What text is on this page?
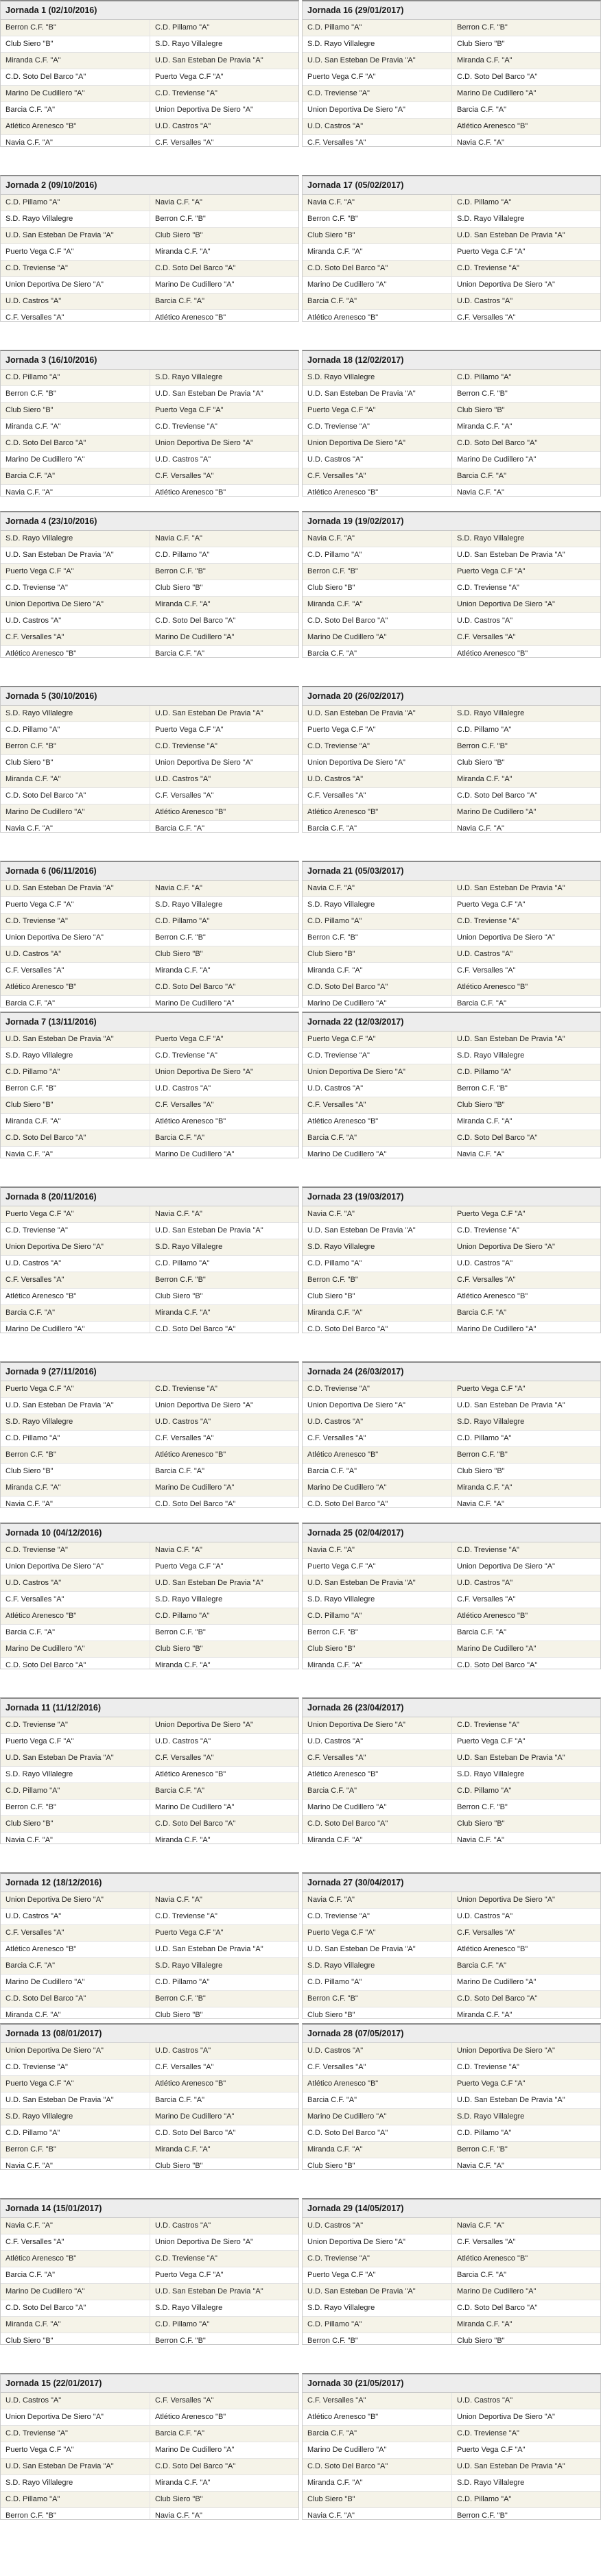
Jornada 1 (02/10/2016)
Berron C.F. "B"	C.D. Pillamo "A"
Club Siero "B"	S.D. Rayo Villalegre
Miranda C.F. "A"	U.D. San Esteban De Pravia "A"
C.D. Soto Del Barco "A"	Puerto Vega C.F "A"
Marino De Cudillero "A"	C.D. Treviense "A"
Barcia C.F. "A"	Union Deportiva De Siero "A"
Atlético Arenesco "B"	U.D. Castros "A"
Navia C.F. "A"	C.F. Versalles "A"
Jornada 2 (09/10/2016)
C.D. Pillamo "A"	Navia C.F. "A"
S.D. Rayo Villalegre	Berron C.F. "B"
U.D. San Esteban De Pravia "A"	Club Siero "B"
Puerto Vega C.F "A"	Miranda C.F. "A"
C.D. Treviense "A"	C.D. Soto Del Barco "A"
Union Deportiva De Siero "A"	Marino De Cudillero "A"
U.D. Castros "A"	Barcia C.F. "A"
C.F. Versalles "A"	Atlético Arenesco "B"
Jornada 3 (16/10/2016)
C.D. Pillamo "A"	S.D. Rayo Villalegre
Berron C.F. "B"	U.D. San Esteban De Pravia "A"
Club Siero "B"	Puerto Vega C.F "A"
Miranda C.F. "A"	C.D. Treviense "A"
C.D. Soto Del Barco "A"	Union Deportiva De Siero "A"
Marino De Cudillero "A"	U.D. Castros "A"
Barcia C.F. "A"	C.F. Versalles "A"
Navia C.F. "A"	Atlético Arenesco "B"
Jornada 4 (23/10/2016)
S.D. Rayo Villalegre	Navia C.F. "A"
U.D. San Esteban De Pravia "A"	C.D. Pillamo "A"
Puerto Vega C.F "A"	Berron C.F. "B"
C.D. Treviense "A"	Club Siero "B"
Union Deportiva De Siero "A"	Miranda C.F. "A"
U.D. Castros "A"	C.D. Soto Del Barco "A"
C.F. Versalles "A"	Marino De Cudillero "A"
Atlético Arenesco "B"	Barcia C.F. "A"
Jornada 5 (30/10/2016)
S.D. Rayo Villalegre	U.D. San Esteban De Pravia "A"
C.D. Pillamo "A"	Puerto Vega C.F "A"
Berron C.F. "B"	C.D. Treviense "A"
Club Siero "B"	Union Deportiva De Siero "A"
Miranda C.F. "A"	U.D. Castros "A"
C.D. Soto Del Barco "A"	C.F. Versalles "A"
Marino De Cudillero "A"	Atlético Arenesco "B"
Navia C.F. "A"	Barcia C.F. "A"
Jornada 6 (06/11/2016)
U.D. San Esteban De Pravia "A"	Navia C.F. "A"
Puerto Vega C.F "A"	S.D. Rayo Villalegre
C.D. Treviense "A"	C.D. Pillamo "A"
Union Deportiva De Siero "A"	Berron C.F. "B"
U.D. Castros "A"	Club Siero "B"
C.F. Versalles "A"	Miranda C.F. "A"
Atlético Arenesco "B"	C.D. Soto Del Barco "A"
Barcia C.F. "A"	Marino De Cudillero "A"
Jornada 7 (13/11/2016)
U.D. San Esteban De Pravia "A"	Puerto Vega C.F "A"
S.D. Rayo Villalegre	C.D. Treviense "A"
C.D. Pillamo "A"	Union Deportiva De Siero "A"
Berron C.F. "B"	U.D. Castros "A"
Club Siero "B"	C.F. Versalles "A"
Miranda C.F. "A"	Atlético Arenesco "B"
C.D. Soto Del Barco "A"	Barcia C.F. "A"
Navia C.F. "A"	Marino De Cudillero "A"
Jornada 8 (20/11/2016)
Puerto Vega C.F "A"	Navia C.F. "A"
C.D. Treviense "A"	U.D. San Esteban De Pravia "A"
Union Deportiva De Siero "A"	S.D. Rayo Villalegre
U.D. Castros "A"	C.D. Pillamo "A"
C.F. Versalles "A"	Berron C.F. "B"
Atlético Arenesco "B"	Club Siero "B"
Barcia C.F. "A"	Miranda C.F. "A"
Marino De Cudillero "A"	C.D. Soto Del Barco "A"
Jornada 9 (27/11/2016)
Puerto Vega C.F "A"	C.D. Treviense "A"
U.D. San Esteban De Pravia "A"	Union Deportiva De Siero "A"
S.D. Rayo Villalegre	U.D. Castros "A"
C.D. Pillamo "A"	C.F. Versalles "A"
Berron C.F. "B"	Atlético Arenesco "B"
Club Siero "B"	Barcia C.F. "A"
Miranda C.F. "A"	Marino De Cudillero "A"
Navia C.F. "A"	C.D. Soto Del Barco "A"
Jornada 10 (04/12/2016)
C.D. Treviense "A"	Navia C.F. "A"
Union Deportiva De Siero "A"	Puerto Vega C.F "A"
U.D. Castros "A"	U.D. San Esteban De Pravia "A"
C.F. Versalles "A"	S.D. Rayo Villalegre
Atlético Arenesco "B"	C.D. Pillamo "A"
Barcia C.F. "A"	Berron C.F. "B"
Marino De Cudillero "A"	Club Siero "B"
C.D. Soto Del Barco "A"	Miranda C.F. "A"
Jornada 11 (11/12/2016)
C.D. Treviense "A"	Union Deportiva De Siero "A"
Puerto Vega C.F "A"	U.D. Castros "A"
U.D. San Esteban De Pravia "A"	C.F. Versalles "A"
S.D. Rayo Villalegre	Atlético Arenesco "B"
C.D. Pillamo "A"	Barcia C.F. "A"
Berron C.F. "B"	Marino De Cudillero "A"
Club Siero "B"	C.D. Soto Del Barco "A"
Navia C.F. "A"	Miranda C.F. "A"
Jornada 12 (18/12/2016)
Union Deportiva De Siero "A"	Navia C.F. "A"
U.D. Castros "A"	C.D. Treviense "A"
C.F. Versalles "A"	Puerto Vega C.F "A"
Atlético Arenesco "B"	U.D. San Esteban De Pravia "A"
Barcia C.F. "A"	S.D. Rayo Villalegre
Marino De Cudillero "A"	C.D. Pillamo "A"
C.D. Soto Del Barco "A"	Berron C.F. "B"
Miranda C.F. "A"	Club Siero "B"
Jornada 13 (08/01/2017)
Union Deportiva De Siero "A"	U.D. Castros "A"
C.D. Treviense "A"	C.F. Versalles "A"
Puerto Vega C.F "A"	Atlético Arenesco "B"
U.D. San Esteban De Pravia "A"	Barcia C.F. "A"
S.D. Rayo Villalegre	Marino De Cudillero "A"
C.D. Pillamo "A"	C.D. Soto Del Barco "A"
Berron C.F. "B"	Miranda C.F. "A"
Navia C.F. "A"	Club Siero "B"
Jornada 14 (15/01/2017)
Navia C.F. "A"	U.D. Castros "A"
C.F. Versalles "A"	Union Deportiva De Siero "A"
Atlético Arenesco "B"	C.D. Treviense "A"
Barcia C.F. "A"	Puerto Vega C.F "A"
Marino De Cudillero "A"	U.D. San Esteban De Pravia "A"
C.D. Soto Del Barco "A"	S.D. Rayo Villalegre
Miranda C.F. "A"	C.D. Pillamo "A"
Club Siero "B"	Berron C.F. "B"
Jornada 15 (22/01/2017)
U.D. Castros "A"	C.F. Versalles "A"
Union Deportiva De Siero "A"	Atlético Arenesco "B"
C.D. Treviense "A"	Barcia C.F. "A"
Puerto Vega C.F "A"	Marino De Cudillero "A"
U.D. San Esteban De Pravia "A"	C.D. Soto Del Barco "A"
S.D. Rayo Villalegre	Miranda C.F. "A"
C.D. Pillamo "A"	Club Siero "B"
Berron C.F. "B"	Navia C.F. "A"
Jornada 16 (29/01/2017)
C.D. Pillamo "A"	Berron C.F. "B"
S.D. Rayo Villalegre	Club Siero "B"
U.D. San Esteban De Pravia "A"	Miranda C.F. "A"
Puerto Vega C.F "A"	C.D. Soto Del Barco "A"
C.D. Treviense "A"	Marino De Cudillero "A"
Union Deportiva De Siero "A"	Barcia C.F. "A"
U.D. Castros "A"	Atlético Arenesco "B"
C.F. Versalles "A"	Navia C.F. "A"
Jornada 17 (05/02/2017)
Navia C.F. "A"	C.D. Pillamo "A"
Berron C.F. "B"	S.D. Rayo Villalegre
Club Siero "B"	U.D. San Esteban De Pravia "A"
Miranda C.F. "A"	Puerto Vega C.F "A"
C.D. Soto Del Barco "A"	C.D. Treviense "A"
Marino De Cudillero "A"	Union Deportiva De Siero "A"
Barcia C.F. "A"	U.D. Castros "A"
Atlético Arenesco "B"	C.F. Versalles "A"
Jornada 18 (12/02/2017)
S.D. Rayo Villalegre	C.D. Pillamo "A"
U.D. San Esteban De Pravia "A"	Berron C.F. "B"
Puerto Vega C.F "A"	Club Siero "B"
C.D. Treviense "A"	Miranda C.F. "A"
Union Deportiva De Siero "A"	C.D. Soto Del Barco "A"
U.D. Castros "A"	Marino De Cudillero "A"
C.F. Versalles "A"	Barcia C.F. "A"
Atlético Arenesco "B"	Navia C.F. "A"
Jornada 19 (19/02/2017)
Navia C.F. "A"	S.D. Rayo Villalegre
C.D. Pillamo "A"	U.D. San Esteban De Pravia "A"
Berron C.F. "B"	Puerto Vega C.F "A"
Club Siero "B"	C.D. Treviense "A"
Miranda C.F. "A"	Union Deportiva De Siero "A"
C.D. Soto Del Barco "A"	U.D. Castros "A"
Marino De Cudillero "A"	C.F. Versalles "A"
Barcia C.F. "A"	Atlético Arenesco "B"
Jornada 20 (26/02/2017)
U.D. San Esteban De Pravia "A"	S.D. Rayo Villalegre
Puerto Vega C.F "A"	C.D. Pillamo "A"
C.D. Treviense "A"	Berron C.F. "B"
Union Deportiva De Siero "A"	Club Siero "B"
U.D. Castros "A"	Miranda C.F. "A"
C.F. Versalles "A"	C.D. Soto Del Barco "A"
Atlético Arenesco "B"	Marino De Cudillero "A"
Barcia C.F. "A"	Navia C.F. "A"
Jornada 21 (05/03/2017)
Navia C.F. "A"	U.D. San Esteban De Pravia "A"
S.D. Rayo Villalegre	Puerto Vega C.F "A"
C.D. Pillamo "A"	C.D. Treviense "A"
Berron C.F. "B"	Union Deportiva De Siero "A"
Club Siero "B"	U.D. Castros "A"
Miranda C.F. "A"	C.F. Versalles "A"
C.D. Soto Del Barco "A"	Atlético Arenesco "B"
Marino De Cudillero "A"	Barcia C.F. "A"
Jornada 22 (12/03/2017)
Puerto Vega C.F "A"	U.D. San Esteban De Pravia "A"
C.D. Treviense "A"	S.D. Rayo Villalegre
Union Deportiva De Siero "A"	C.D. Pillamo "A"
U.D. Castros "A"	Berron C.F. "B"
C.F. Versalles "A"	Club Siero "B"
Atlético Arenesco "B"	Miranda C.F. "A"
Barcia C.F. "A"	C.D. Soto Del Barco "A"
Marino De Cudillero "A"	Navia C.F. "A"
Jornada 23 (19/03/2017)
Navia C.F. "A"	Puerto Vega C.F "A"
U.D. San Esteban De Pravia "A"	C.D. Treviense "A"
S.D. Rayo Villalegre	Union Deportiva De Siero "A"
C.D. Pillamo "A"	U.D. Castros "A"
Berron C.F. "B"	C.F. Versalles "A"
Club Siero "B"	Atlético Arenesco "B"
Miranda C.F. "A"	Barcia C.F. "A"
C.D. Soto Del Barco "A"	Marino De Cudillero "A"
Jornada 24 (26/03/2017)
C.D. Treviense "A"	Puerto Vega C.F "A"
Union Deportiva De Siero "A"	U.D. San Esteban De Pravia "A"
U.D. Castros "A"	S.D. Rayo Villalegre
C.F. Versalles "A"	C.D. Pillamo "A"
Atlético Arenesco "B"	Berron C.F. "B"
Barcia C.F. "A"	Club Siero "B"
Marino De Cudillero "A"	Miranda C.F. "A"
C.D. Soto Del Barco "A"	Navia C.F. "A"
Jornada 25 (02/04/2017)
Navia C.F. "A"	C.D. Treviense "A"
Puerto Vega C.F "A"	Union Deportiva De Siero "A"
U.D. San Esteban De Pravia "A"	U.D. Castros "A"
S.D. Rayo Villalegre	C.F. Versalles "A"
C.D. Pillamo "A"	Atlético Arenesco "B"
Berron C.F. "B"	Barcia C.F. "A"
Club Siero "B"	Marino De Cudillero "A"
Miranda C.F. "A"	C.D. Soto Del Barco "A"
Jornada 26 (23/04/2017)
Union Deportiva De Siero "A"	C.D. Treviense "A"
U.D. Castros "A"	Puerto Vega C.F "A"
C.F. Versalles "A"	U.D. San Esteban De Pravia "A"
Atlético Arenesco "B"	S.D. Rayo Villalegre
Barcia C.F. "A"	C.D. Pillamo "A"
Marino De Cudillero "A"	Berron C.F. "B"
C.D. Soto Del Barco "A"	Club Siero "B"
Miranda C.F. "A"	Navia C.F. "A"
Jornada 27 (30/04/2017)
Navia C.F. "A"	Union Deportiva De Siero "A"
C.D. Treviense "A"	U.D. Castros "A"
Puerto Vega C.F "A"	C.F. Versalles "A"
U.D. San Esteban De Pravia "A"	Atlético Arenesco "B"
S.D. Rayo Villalegre	Barcia C.F. "A"
C.D. Pillamo "A"	Marino De Cudillero "A"
Berron C.F. "B"	C.D. Soto Del Barco "A"
Club Siero "B"	Miranda C.F. "A"
Jornada 28 (07/05/2017)
U.D. Castros "A"	Union Deportiva De Siero "A"
C.F. Versalles "A"	C.D. Treviense "A"
Atlético Arenesco "B"	Puerto Vega C.F "A"
Barcia C.F. "A"	U.D. San Esteban De Pravia "A"
Marino De Cudillero "A"	S.D. Rayo Villalegre
C.D. Soto Del Barco "A"	C.D. Pillamo "A"
Miranda C.F. "A"	Berron C.F. "B"
Club Siero "B"	Navia C.F. "A"
Jornada 29 (14/05/2017)
U.D. Castros "A"	Navia C.F. "A"
Union Deportiva De Siero "A"	C.F. Versalles "A"
C.D. Treviense "A"	Atlético Arenesco "B"
Puerto Vega C.F "A"	Barcia C.F. "A"
U.D. San Esteban De Pravia "A"	Marino De Cudillero "A"
S.D. Rayo Villalegre	C.D. Soto Del Barco "A"
C.D. Pillamo "A"	Miranda C.F. "A"
Berron C.F. "B"	Club Siero "B"
Jornada 30 (21/05/2017)
C.F. Versalles "A"	U.D. Castros "A"
Atlético Arenesco "B"	Union Deportiva De Siero "A"
Barcia C.F. "A"	C.D. Treviense "A"
Marino De Cudillero "A"	Puerto Vega C.F "A"
C.D. Soto Del Barco "A"	U.D. San Esteban De Pravia "A"
Miranda C.F. "A"	S.D. Rayo Villalegre
Club Siero "B"	C.D. Pillamo "A"
Navia C.F. "A"	Berron C.F. "B"
